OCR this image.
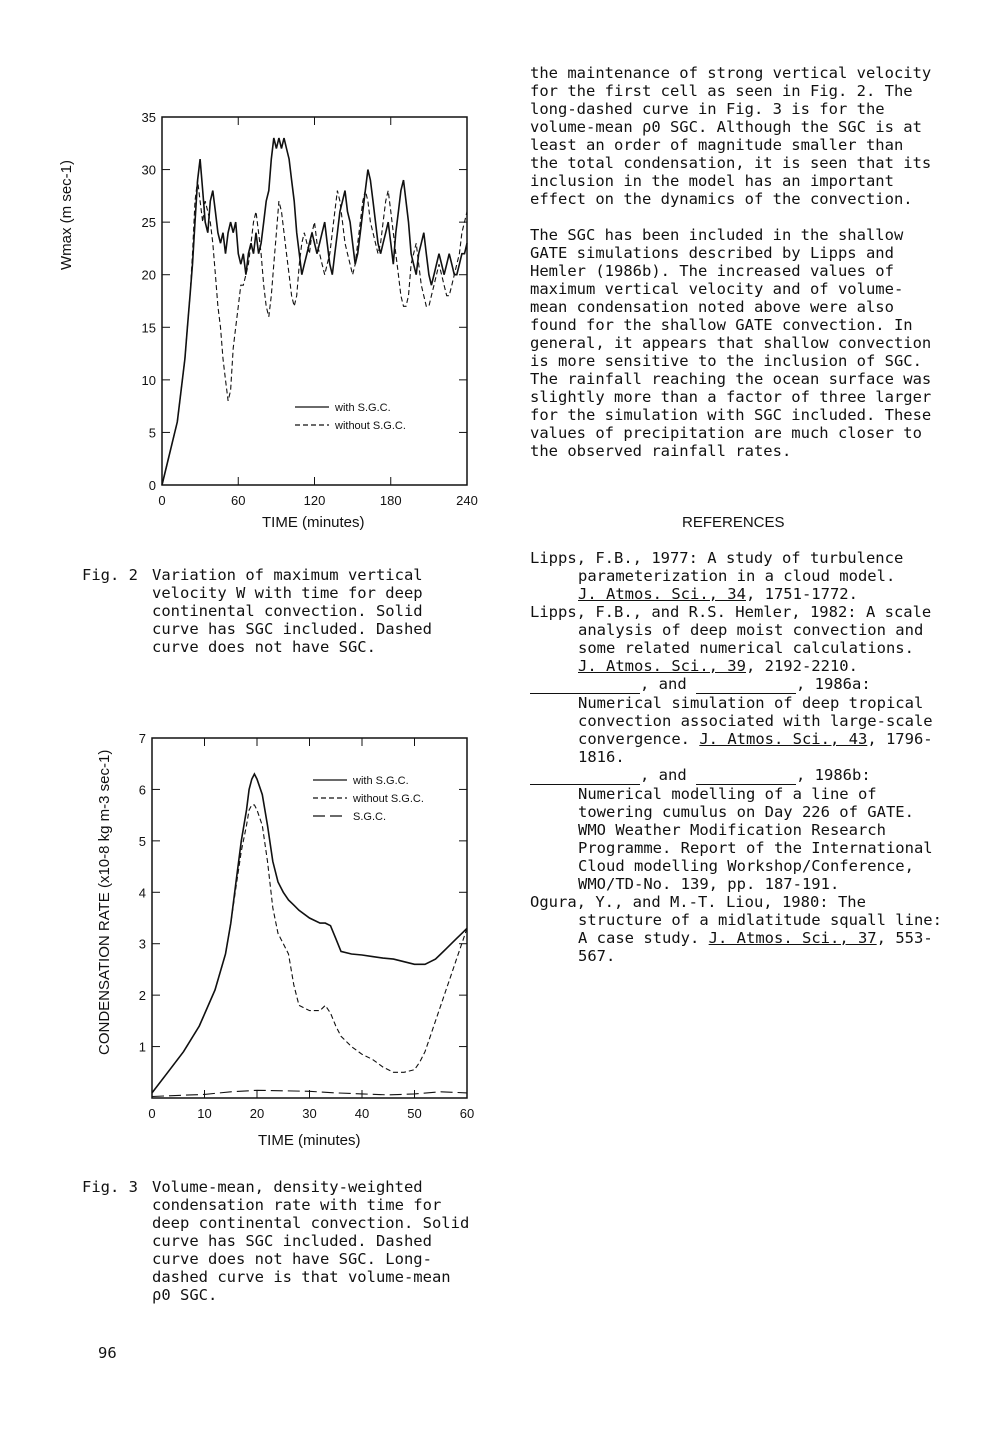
0	60	120	180	240
0
5
10
15
20
25
30
35
with S.G.C.
without S.G.C.
TIME (minutes)
Wmax (m sec-1)
Fig. 2 Variation of maximum vertical velocity W with time for deep continental convection. Solid curve has SGC included. Dashed curve does not have SGC.
0	10	20	30	40	50	60
1
2
3
4
5
6
7
with S.G.C.
without S.G.C.
S.G.C.
TIME (minutes)
CONDENSATION RATE (x10-8 kg m-3 sec-1)
Fig. 3 Volume-mean, density-weighted condensation rate with time for deep continental convection. Solid curve has SGC included. Dashed curve does not have SGC. Long-dashed curve is that volume-mean ρ0 SGC.
96

the maintenance of strong vertical velocity for the first cell as seen in Fig. 2. The long-dashed curve in Fig. 3 is for the volume-mean ρ0 SGC. Although the SGC is at least an order of magnitude smaller than the total condensation, it is seen that its inclusion in the model has an important effect on the dynamics of the convection.

The SGC has been included in the shallow GATE simulations described by Lipps and Hemler (1986b). The increased values of maximum vertical velocity and of volume-mean condensation noted above were also found for the shallow GATE convection. In general, it appears that shallow convection is more sensitive to the inclusion of SGC. The rainfall reaching the ocean surface was slightly more than a factor of three larger for the simulation with SGC included. These values of precipitation are much closer to the observed rainfall rates.

REFERENCES

Lipps, F.B., 1977: A study of turbulence parameterization in a cloud model.
J. Atmos. Sci., 34, 1751-1772.

Lipps, F.B., and R.S. Hemler, 1982: A scale analysis of deep moist convection and some related numerical calculations.
J. Atmos. Sci., 39, 2192-2210.

, and	, 1986a:
Numerical simulation of deep tropical convection associated with large-scale convergence. J. Atmos. Sci., 43, 1796-1816.

, and	, 1986b:
Numerical modelling of a line of towering cumulus on Day 226 of GATE. WMO Weather Modification Research Programme. Report of the International Cloud modelling Workshop/Conference, WMO/TD-No. 139, pp. 187-191.

Ogura, Y., and M.-T. Liou, 1980: The structure of a midlatitude squall line: A case study. J. Atmos. Sci., 37, 553-567.
